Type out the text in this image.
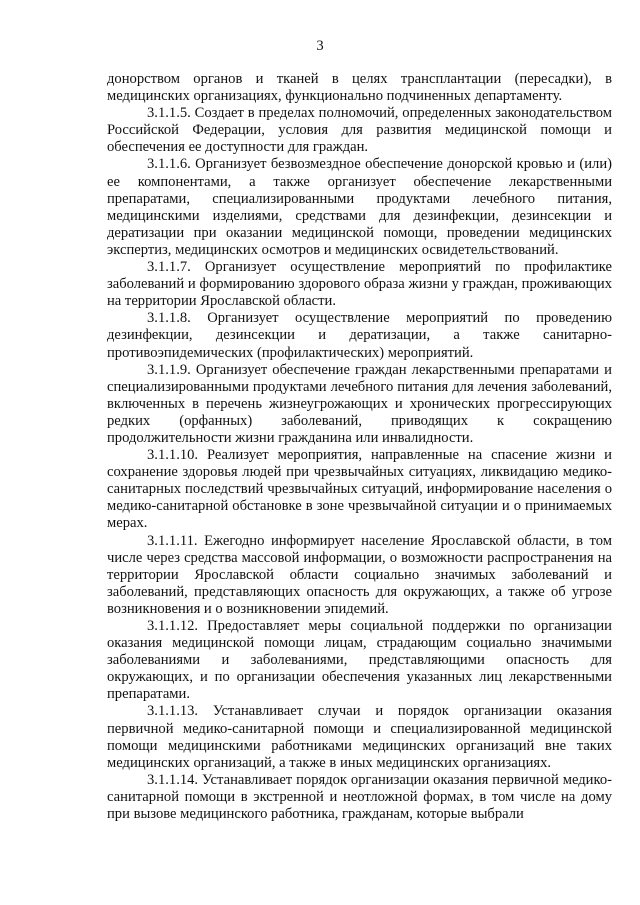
3

донорством органов и тканей в целях трансплантации (пересадки), в медицинских организациях, функционально подчиненных департаменту.

3.1.1.5. Создает в пределах полномочий, определенных законодательством Российской Федерации, условия для развития медицинской помощи и обеспечения ее доступности для граждан.

3.1.1.6. Организует безвозмездное обеспечение донорской кровью и (или) ее компонентами, а также организует обеспечение лекарственными препаратами, специализированными продуктами лечебного питания, медицинскими изделиями, средствами для дезинфекции, дезинсекции и дератизации при оказании медицинской помощи, проведении медицинских экспертиз, медицинских осмотров и медицинских освидетельствований.

3.1.1.7. Организует осуществление мероприятий по профилактике заболеваний и формированию здорового образа жизни у граждан, проживающих на территории Ярославской области.

3.1.1.8. Организует осуществление мероприятий по проведению дезинфекции, дезинсекции и дератизации, а также санитарно-противоэпидемических (профилактических) мероприятий.

3.1.1.9. Организует обеспечение граждан лекарственными препаратами и специализированными продуктами лечебного питания для лечения заболеваний, включенных в перечень жизнеугрожающих и хронических прогрессирующих редких (орфанных) заболеваний, приводящих к сокращению продолжительности жизни гражданина или инвалидности.

3.1.1.10. Реализует мероприятия, направленные на спасение жизни и сохранение здоровья людей при чрезвычайных ситуациях, ликвидацию медико-санитарных последствий чрезвычайных ситуаций, информирование населения о медико-санитарной обстановке в зоне чрезвычайной ситуации и о принимаемых мерах.

3.1.1.11. Ежегодно информирует население Ярославской области, в том числе через средства массовой информации, о возможности распространения на территории Ярославской области социально значимых заболеваний и заболеваний, представляющих опасность для окружающих, а также об угрозе возникновения и о возникновении эпидемий.

3.1.1.12. Предоставляет меры социальной поддержки по организации оказания медицинской помощи лицам, страдающим социально значимыми заболеваниями и заболеваниями, представляющими опасность для окружающих, и по организации обеспечения указанных лиц лекарственными препаратами.

3.1.1.13. Устанавливает случаи и порядок организации оказания первичной медико-санитарной помощи и специализированной медицинской помощи медицинскими работниками медицинских организаций вне таких медицинских организаций, а также в иных медицинских организациях.

3.1.1.14. Устанавливает порядок организации оказания первичной медико-санитарной помощи в экстренной и неотложной формах, в том числе на дому при вызове медицинского работника, гражданам, которые выбрали
